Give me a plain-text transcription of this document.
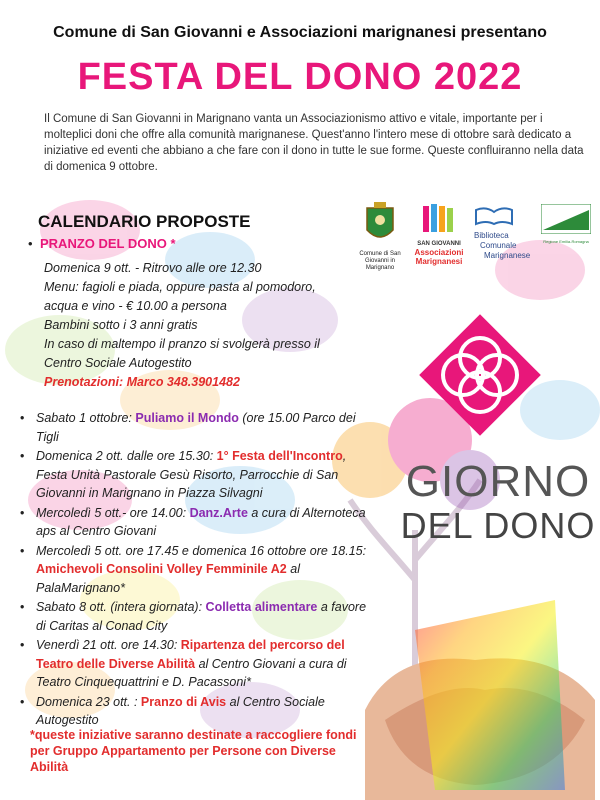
Comune di San Giovanni e Associazioni marignanesi presentano
FESTA DEL DONO 2022
Il Comune di San Giovanni in Marignano vanta un Associazionismo attivo e vitale, importante per i molteplici doni che offre alla comunità marignanese. Quest'anno l'intero mese di ottobre sarà dedicato a iniziative ed eventi che abbiano a che fare con il dono in tutte le sue forme. Queste confluiranno nella data di domenica 9 ottobre.
CALENDARIO PROPOSTE
Comune di San Giovanni in Marignano
SAN GIOVANNI
Associazioni
Marignanesi
Biblioteca
Comunale
Marignanese
Regione Emilia-Romagna
• PRANZO DEL DONO *
Domenica 9 ott. - Ritrovo alle ore 12.30
Menu: fagioli e piada, oppure pasta al pomodoro,
acqua e vino - € 10.00 a persona
Bambini sotto i 3 anni gratis
In caso di maltempo il pranzo si svolgerà presso il
Centro Sociale Autogestito
Prenotazioni: Marco 348.3901482
• Sabato 1 ottobre: Puliamo il Mondo (ore 15.00 Parco dei Tigli
• Domenica 2 ott. dalle ore 15.30: 1° Festa dell'Incontro, Festa Unità Pastorale Gesù Risorto, Parrocchie di San Giovanni in Marignano in Piazza Silvagni
• Mercoledì 5 ott.- ore 14.00: Danz.Arte a cura di Alternoteca aps al Centro Giovani
• Mercoledì 5 ott. ore 17.45 e domenica 16 ottobre ore 18.15: Amichevoli Consolini Volley Femminile A2 al PalaMarignano*
• Sabato 8 ott. (intera giornata): Colletta alimentare a favore di Caritas al Conad City
• Venerdì 21 ott. ore 14.30: Ripartenza del percorso del Teatro delle Diverse Abilità al Centro Giovani a cura di Teatro Cinquequattrini e D. Pacassoni*
• Domenica 23 ott. : Pranzo di Avis al Centro Sociale Autogestito
*queste iniziative saranno destinate a raccogliere fondi per Gruppo Appartamento per Persone con Diverse Abilità
GIORNO
DEL DONO
